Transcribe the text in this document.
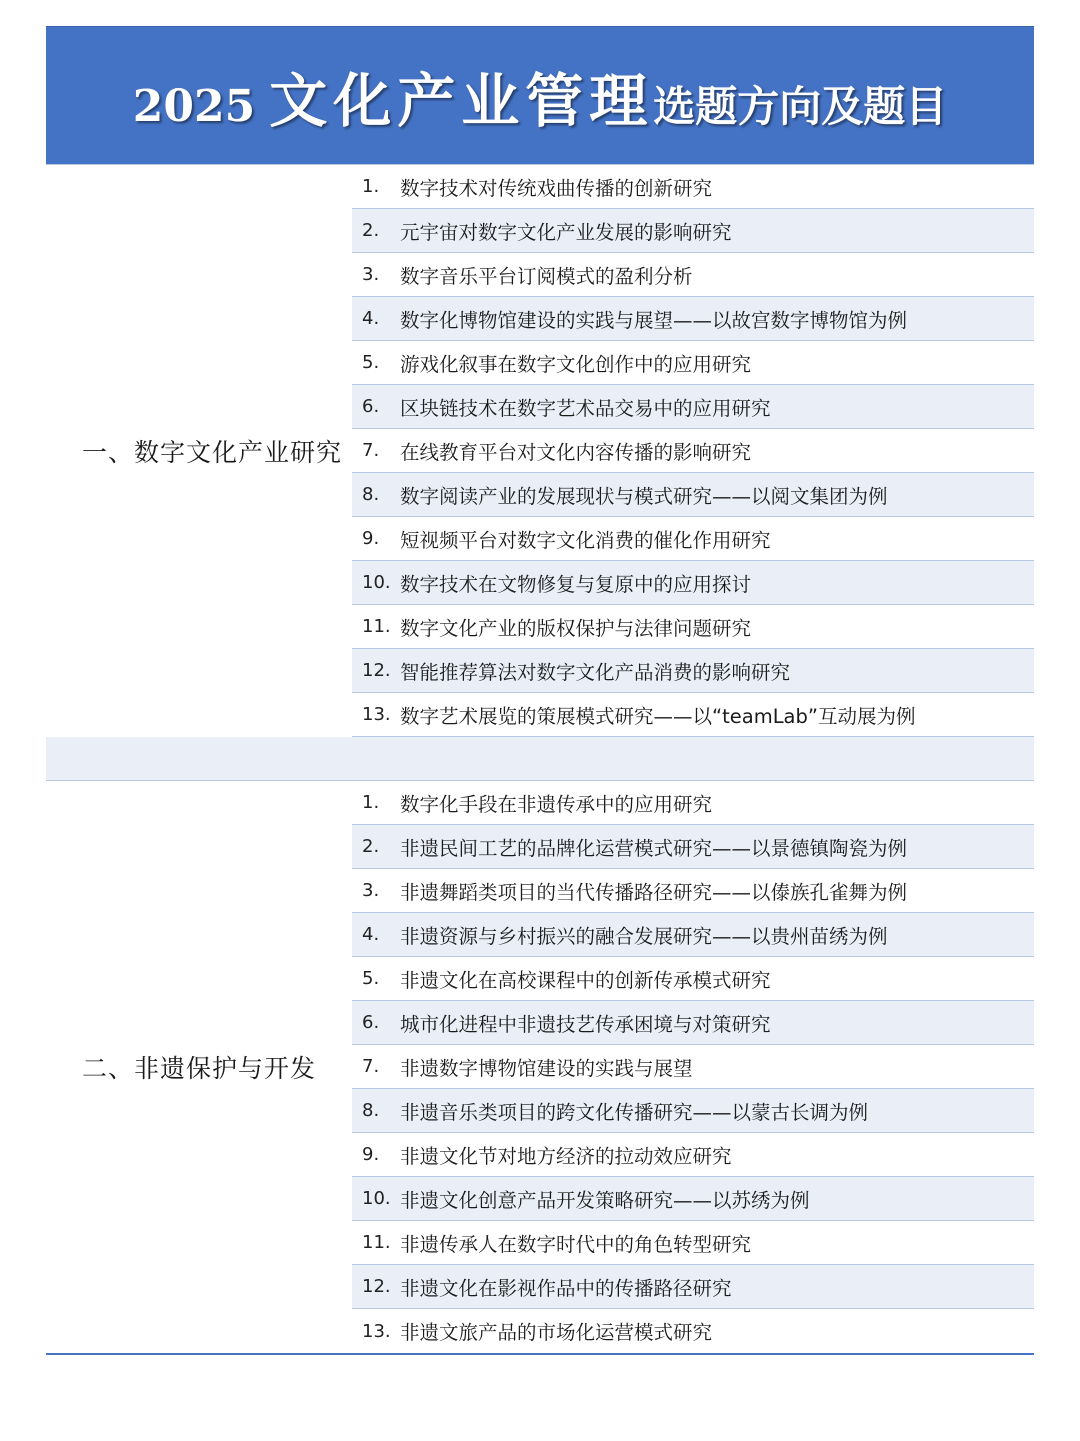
2025 文化产业管理 选题方向及题目
一、数字文化产业研究
1.	数字技术对传统戏曲传播的创新研究
2.	元宇宙对数字文化产业发展的影响研究
3.	数字音乐平台订阅模式的盈利分析
4.	数字化博物馆建设的实践与展望——以故宫数字博物馆为例
5.	游戏化叙事在数字文化创作中的应用研究
6.	区块链技术在数字艺术品交易中的应用研究
7.	在线教育平台对文化内容传播的影响研究
8.	数字阅读产业的发展现状与模式研究——以阅文集团为例
9.	短视频平台对数字文化消费的催化作用研究
10. 数字技术在文物修复与复原中的应用探讨
11. 数字文化产业的版权保护与法律问题研究
12. 智能推荐算法对数字文化产品消费的影响研究
13. 数字艺术展览的策展模式研究——以“teamLab”互动展为例
二、非遗保护与开发
1.	数字化手段在非遗传承中的应用研究
2.	非遗民间工艺的品牌化运营模式研究——以景德镇陶瓷为例
3.	非遗舞蹈类项目的当代传播路径研究——以傣族孔雀舞为例
4.	非遗资源与乡村振兴的融合发展研究——以贵州苗绣为例
5.	非遗文化在高校课程中的创新传承模式研究
6.	城市化进程中非遗技艺传承困境与对策研究
7.	非遗数字博物馆建设的实践与展望
8.	非遗音乐类项目的跨文化传播研究——以蒙古长调为例
9.	非遗文化节对地方经济的拉动效应研究
10. 非遗文化创意产品开发策略研究——以苏绣为例
11. 非遗传承人在数字时代中的角色转型研究
12. 非遗文化在影视作品中的传播路径研究
13. 非遗文旅产品的市场化运营模式研究
